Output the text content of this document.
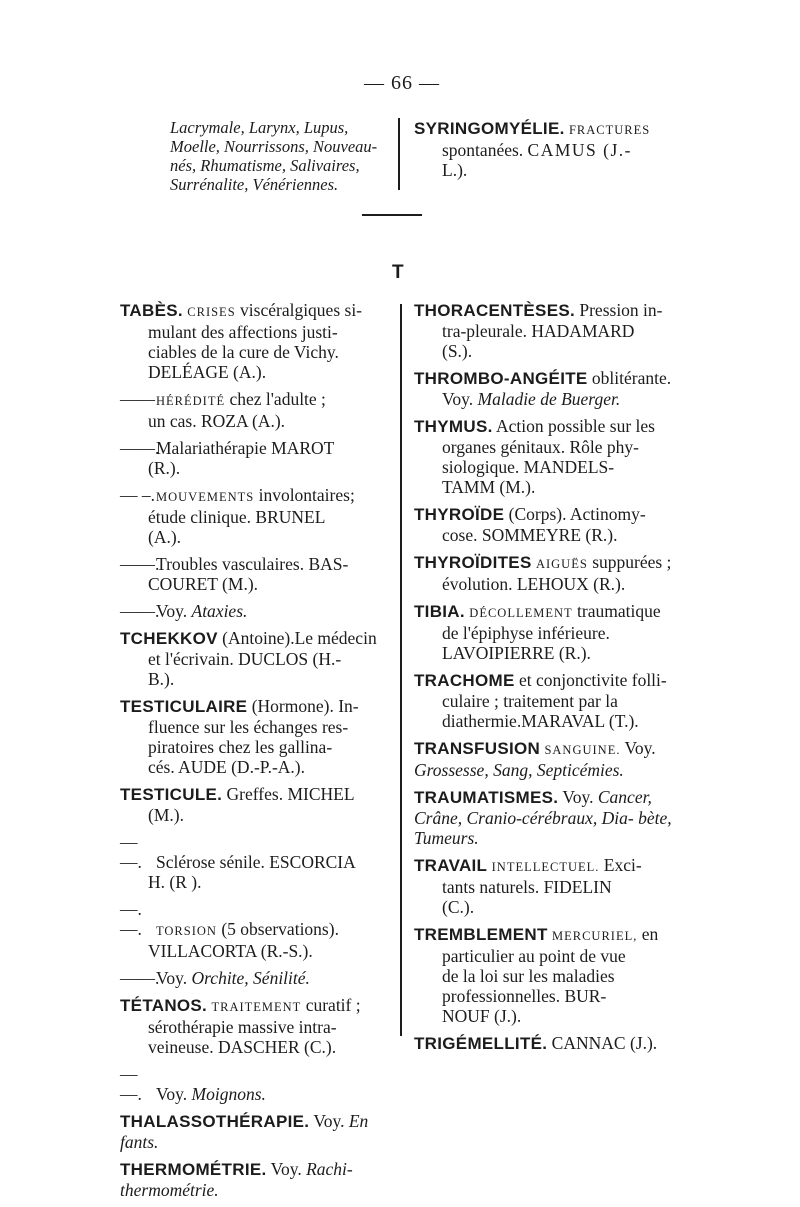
— 66 —

Lacrymale, Larynx, Lupus,
Moelle, Nourrissons, Nouveau-
nés, Rhumatisme, Salivaires,
Surrénalite, Vénériennes.

SYRINGOMYÉLIE. FRACTURES
spontanées. CAMUS (J.-
L.).

T

TABÈS. CRISES viscéralgiques si-
mulant des affections justi-
ciables de la cure de Vichy.
DELÉAGE (A.).

——HÉRÉDITÉ chez l'adulte ;
un cas. ROZA (A.).

——.Malariathérapie MAROT
(R.).

— –.MOUVEMENTS involontaires;
étude clinique. BRUNEL
(A.).

——.Troubles vasculaires. BAS-
COURET (M.).

——.Voy. Ataxies.

TCHEKKOV (Antoine).Le médecin
et l'écrivain. DUCLOS (H.-
B.).

TESTICULAIRE (Hormone). In-
fluence sur les échanges res-
piratoires chez les gallina-
cés. AUDE (D.-P.-A.).

TESTICULE. Greffes. MICHEL
(M.).

— —. Sclérose sénile. ESCORCIA
H. (R ).

—.—. TORSION (5 observations).
VILLACORTA (R.-S.).

——.Voy. Orchite, Sénilité.

TÉTANOS. TRAITEMENT curatif ;
sérothérapie massive intra-
veineuse. DASCHER (C.).

— —. Voy. Moignons.

THALASSOTHÉRAPIE. Voy. En fants.

THERMOMÉTRIE. Voy. Rachi- thermométrie.

THORACENTÈSES. Pression in-
tra-pleurale. HADAMARD
(S.).

THROMBO-ANGÉITE oblitérante.
Voy. Maladie de Buerger.

THYMUS. Action possible sur les
organes génitaux. Rôle phy-
siologique. MANDELS-
TAMM (M.).

THYROÏDE (Corps). Actinomy-
cose. SOMMEYRE (R.).

THYROÏDITES AIGUËS suppurées ;
évolution. LEHOUX (R.).

TIBIA. DÉCOLLEMENT traumatique
de l'épiphyse inférieure.
LAVOIPIERRE (R.).

TRACHOME et conjonctivite folli-
culaire ; traitement par la
diathermie.MARAVAL (T.).

TRANSFUSION SANGUINE. Voy. Grossesse, Sang, Septicémies.

TRAUMATISMES. Voy. Cancer, Crâne, Cranio-cérébraux, Dia- bète, Tumeurs.

TRAVAIL INTELLECTUEL. Exci-
tants naturels. FIDELIN
(C.).

TREMBLEMENT MERCURIEL, en
particulier au point de vue
de la loi sur les maladies
professionnelles. BUR-
NOUF (J.).

TRIGÉMELLITÉ. CANNAC (J.).
